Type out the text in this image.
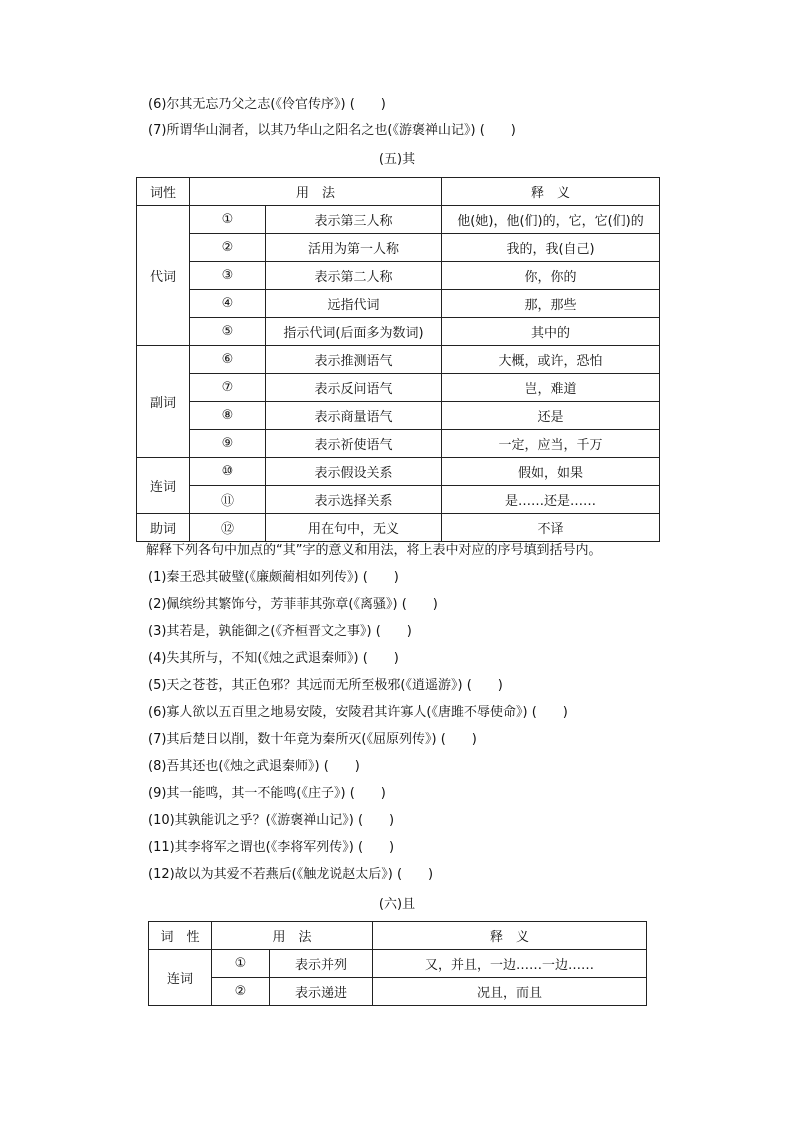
(6)尔其无忘乃父之志(《伶官传序》) (　　)
(7)所谓华山洞者，以其乃华山之阳名之也(《游褒禅山记》) (　　)
(五)其
词性	用　法		释　义
代词	①	表示第三人称	他(她)，他(们)的，它，它(们)的
	②	活用为第一人称	我的，我(自己)
	③	表示第二人称	你，你的
	④	远指代词	那，那些
	⑤	指示代词(后面多为数词)	其中的
副词	⑥	表示推测语气	大概，或许，恐怕
	⑦	表示反问语气	岂，难道
	⑧	表示商量语气	还是
	⑨	表示祈使语气	一定，应当，千万
连词	⑩	表示假设关系	假如，如果
	⑪	表示选择关系	是……还是……
助词	⑫	用在句中，无义	不译
解释下列各句中加点的“其”字的意义和用法，将上表中对应的序号填到括号内。
(1)秦王恐其破璧(《廉颇蔺相如列传》) (　　)
(2)佩缤纷其繁饰兮，芳菲菲其弥章(《离骚》) (　　)
(3)其若是，孰能御之(《齐桓晋文之事》) (　　)
(4)失其所与，不知(《烛之武退秦师》) (　　)
(5)天之苍苍，其正色邪？其远而无所至极邪(《逍遥游》) (　　)
(6)寡人欲以五百里之地易安陵，安陵君其许寡人(《唐雎不辱使命》) (　　)
(7)其后楚日以削，数十年竟为秦所灭(《屈原列传》) (　　)
(8)吾其还也(《烛之武退秦师》) (　　)
(9)其一能鸣，其一不能鸣(《庄子》) (　　)
(10)其孰能讥之乎？(《游褒禅山记》) (　　)
(11)其李将军之谓也(《李将军列传》) (　　)
(12)故以为其爱不若燕后(《触龙说赵太后》) (　　)
(六)且
词　性	用　法		释　义
连词	①	表示并列	又，并且，一边……一边……
	②	表示递进	况且，而且
